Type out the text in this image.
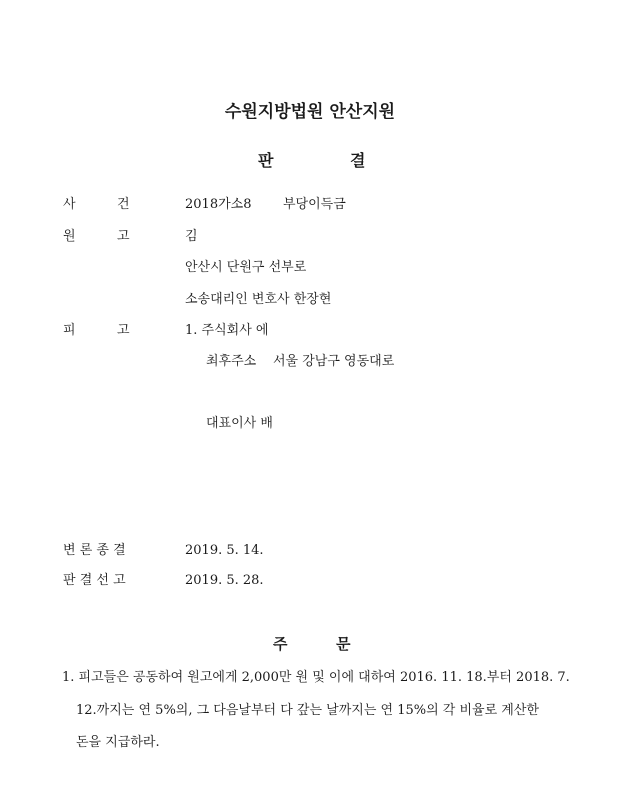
수원지방법원 안산지원
판	결
사	건	2018가소8 부당이득금
원	고	김
안산시 단원구 선부로
소송대리인 변호사 한장현
피	고	1. 주식회사 에
최후주소 서울 강남구 영동대로
대표이사 배
변 론 종 결	2019. 5. 14.
판 결 선 고	2019. 5. 28.
주	문
1. 피고들은 공동하여 원고에게 2,000만 원 및 이에 대하여 2016. 11. 18.부터 2018. 7.
12.까지는 연 5%의, 그 다음날부터 다 갚는 날까지는 연 15%의 각 비율로 계산한
돈을 지급하라.
